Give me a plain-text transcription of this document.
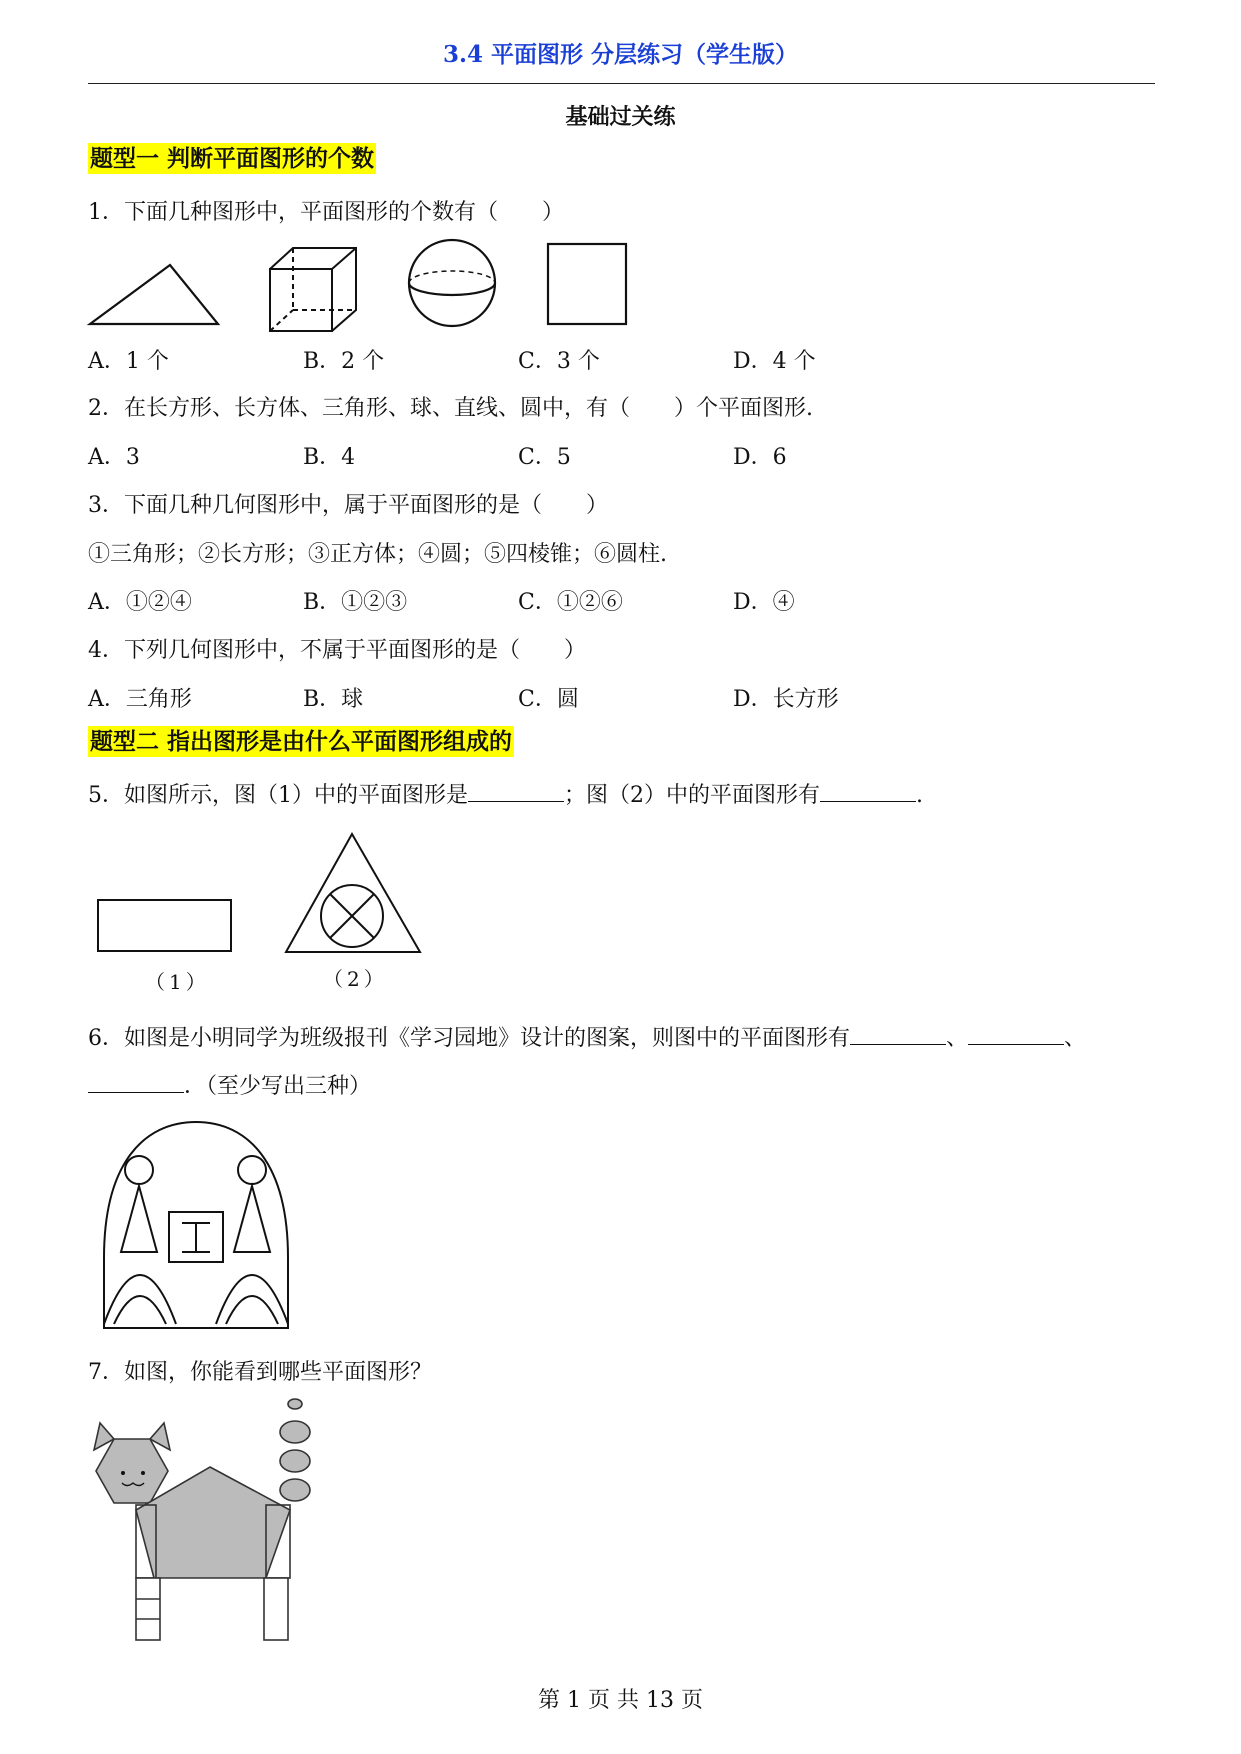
3.4 平面图形 分层练习（学生版）
基础过关练
题型一 判断平面图形的个数
1．下面几种图形中，平面图形的个数有（　　）
A．1 个	B．2 个	C．3 个	D．4 个
2．在长方形、长方体、三角形、球、直线、圆中，有（　　）个平面图形.
A．3	B．4	C．5	D．6
3．下面几种几何图形中，属于平面图形的是（　　）
①三角形；②长方形；③正方体；④圆；⑤四棱锥；⑥圆柱.
A．①②④	B．①②③	C．①②⑥	D．④
4．下列几何图形中，不属于平面图形的是（　　）
A．三角形	B．球	C．圆	D．长方形
题型二 指出图形是由什么平面图形组成的
5．如图所示，图（1）中的平面图形是	；图（2）中的平面图形有	.
（1）	（2）
6．如图是小明同学为班级报刊《学习园地》设计的图案，则图中的平面图形有	、	、
．（至少写出三种）
7．如图，你能看到哪些平面图形？
第 1 页 共 13 页
